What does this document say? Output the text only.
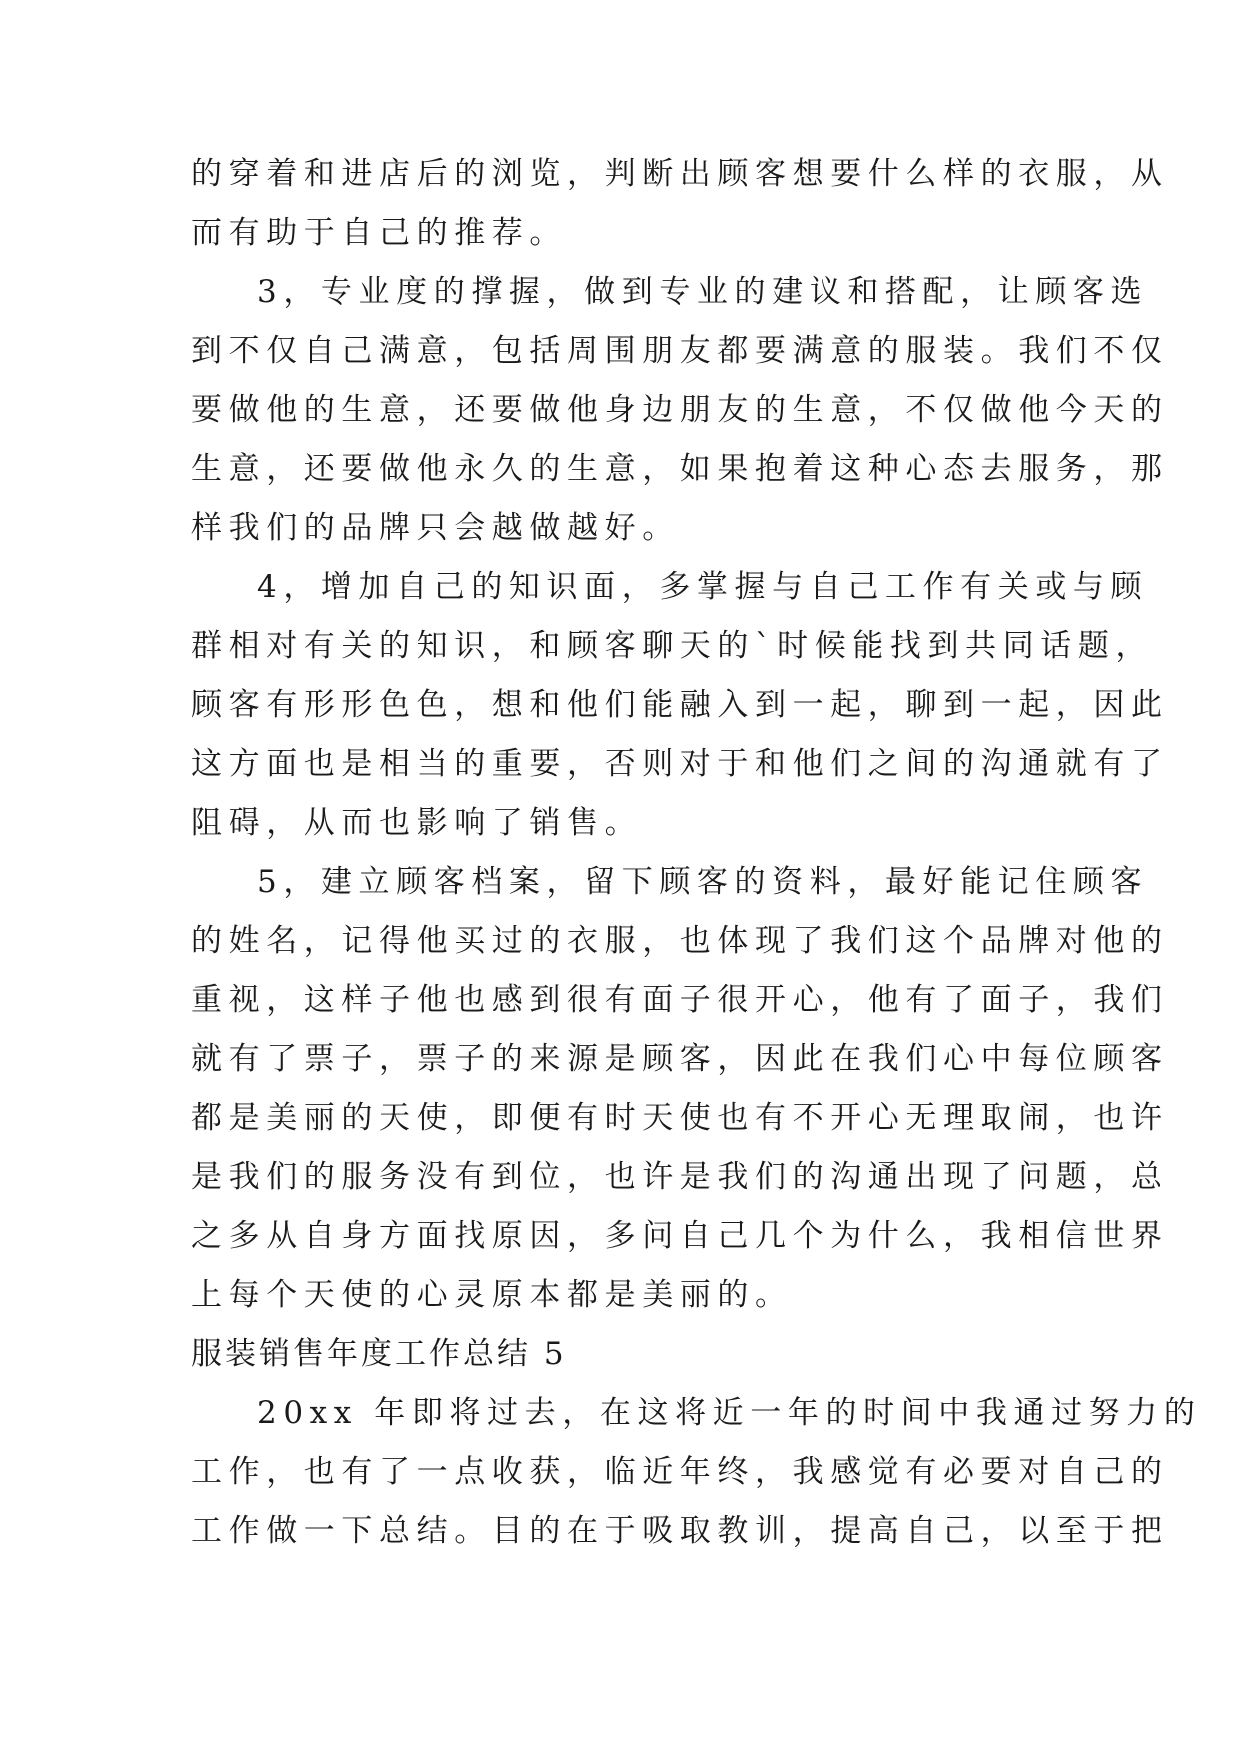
的穿着和进店后的浏览，判断出顾客想要什么样的衣服，从
而有助于自己的推荐。
3，专业度的撑握，做到专业的建议和搭配，让顾客选
到不仅自己满意，包括周围朋友都要满意的服装。我们不仅
要做他的生意，还要做他身边朋友的生意，不仅做他今天的
生意，还要做他永久的生意，如果抱着这种心态去服务，那
样我们的品牌只会越做越好。
4，增加自己的知识面，多掌握与自己工作有关或与顾
群相对有关的知识，和顾客聊天的`时候能找到共同话题，
顾客有形形色色，想和他们能融入到一起，聊到一起，因此
这方面也是相当的重要，否则对于和他们之间的沟通就有了
阻碍，从而也影响了销售。
5，建立顾客档案，留下顾客的资料，最好能记住顾客
的姓名，记得他买过的衣服，也体现了我们这个品牌对他的
重视，这样子他也感到很有面子很开心，他有了面子，我们
就有了票子，票子的来源是顾客，因此在我们心中每位顾客
都是美丽的天使，即便有时天使也有不开心无理取闹，也许
是我们的服务没有到位，也许是我们的沟通出现了问题，总
之多从自身方面找原因，多问自己几个为什么，我相信世界
上每个天使的心灵原本都是美丽的。
服装销售年度工作总结 5
20xx 年即将过去，在这将近一年的时间中我通过努力的
工作，也有了一点收获，临近年终，我感觉有必要对自己的
工作做一下总结。目的在于吸取教训，提高自己，以至于把
